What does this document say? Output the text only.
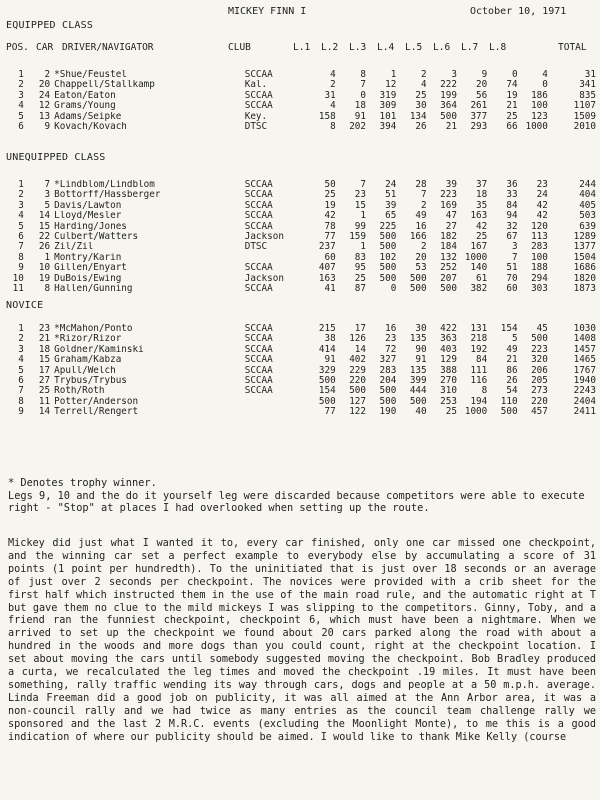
MICKEY FINN I	October 10, 1971
EQUIPPED CLASS
POS. CAR DRIVER/NAVIGATOR	CLUB	L.1 L.2 L.3 L.4 L.5 L.6 L.7 L.8	TOTAL
1	2	*Shue/Feustel	SCCAA	4	8	1	2	3	9	0	4	31
2	20	Chappell/Stallkamp	Kal.	2	7	12	4	222	20	74	0	341
3	24	Eaton/Eaton	SCCAA	31	0	319	25	199	56	19	186	835
4	12	Grams/Young	SCCAA	4	18	309	30	364	261	21	100	1107
5	13	Adams/Seipke	Key.	158	91	101	134	500	377	25	123	1509
6	9	Kovach/Kovach	DTSC	8	202	394	26	21	293	66	1000	2010
UNEQUIPPED CLASS
1	7	*Lindblom/Lindblom	SCCAA	50	7	24	28	39	37	36	23	244
2	3	Bottorff/Hassberger	SCCAA	25	23	51	7	223	18	33	24	404
3	5	Davis/Lawton	SCCAA	19	15	39	2	169	35	84	42	405
4	14	Lloyd/Mesler	SCCAA	42	1	65	49	47	163	94	42	503
5	15	Harding/Jones	SCCAA	78	99	225	16	27	42	32	120	639
6	22	Culbert/Watters	Jackson	77	159	500	166	182	25	67	113	1289
7	26	Zil/Zil	DTSC	237	1	500	2	184	167	3	283	1377
8	1	Montry/Karin		60	83	102	20	132	1000	7	100	1504
9	10	Gillen/Enyart	SCCAA	407	95	500	53	252	140	51	188	1686
10	19	DuBois/Ewing	Jackson	163	25	500	500	207	61	70	294	1820
11	8	Hallen/Gunning	SCCAA	41	87	0	500	500	382	60	303	1873
NOVICE
1	23	*McMahon/Ponto	SCCAA	215	17	16	30	422	131	154	45	1030
2	21	*Rizor/Rizor	SCCAA	38	126	23	135	363	218	5	500	1408
3	18	Goldner/Kaminski	SCCAA	414	14	72	90	403	192	49	223	1457
4	15	Graham/Kabza	SCCAA	91	402	327	91	129	84	21	320	1465
5	17	Apull/Welch	SCCAA	329	229	283	135	388	111	86	206	1767
6	27	Trybus/Trybus	SCCAA	500	220	204	399	270	116	26	205	1940
7	25	Roth/Roth	SCCAA	154	500	500	444	310	8	54	273	2243
8	11	Potter/Anderson		500	127	500	500	253	194	110	220	2404
9	14	Terrell/Rengert		77	122	190	40	25	1000	500	457	2411
* Denotes trophy winner.
Legs 9, 10 and the do it yourself leg were discarded because competitors were able to execute right - "Stop" at places I had overlooked when setting up the route.
Mickey did just what I wanted it to, every car finished, only one car missed one checkpoint, and the winning car set a perfect example to everybody else by accumulating a score of 31 points (1 point per hundredth). To the uninitiated that is just over 18 seconds or an average of just over 2 seconds per checkpoint. The novices were provided with a crib sheet for the first half which instructed them in the use of the main road rule, and the automatic right at T but gave them no clue to the mild mickeys I was slipping to the competitors. Ginny, Toby, and a friend ran the funniest checkpoint, checkpoint 6, which must have been a nightmare. When we arrived to set up the checkpoint we found about 20 cars parked along the road with about a hundred in the woods and more dogs than you could count, right at the checkpoint location. I set about moving the cars until somebody suggested moving the checkpoint. Bob Bradley produced a curta, we recalculated the leg times and moved the checkpoint .19 miles. It must have been something, rally traffic wending its way through cars, dogs and people at a 50 m.p.h. average. Linda Freeman did a good job on publicity, it was all aimed at the Ann Arbor area, it was a non-council rally and we had twice as many entries as the council team challenge rally we sponsored and the last 2 M.R.C. events (excluding the Moonlight Monte), to me this is a good indication of where our publicity should be aimed. I would like to thank Mike Kelly (course
